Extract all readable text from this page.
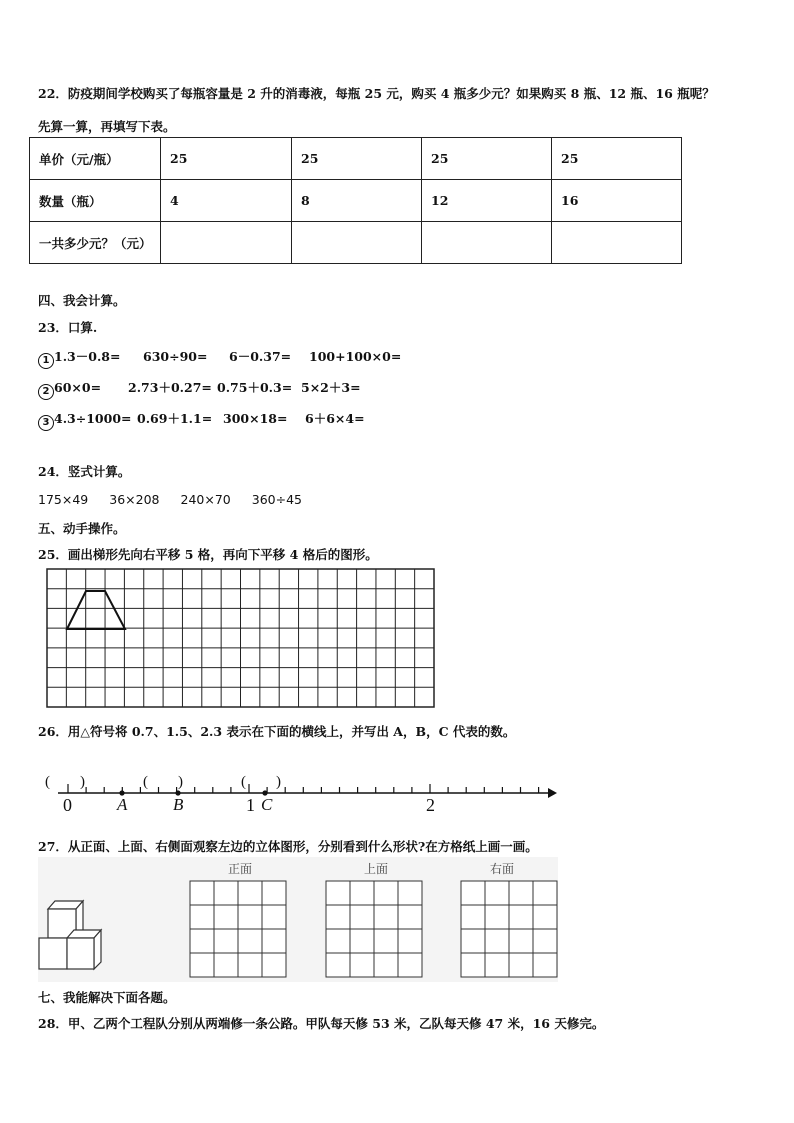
22．防疫期间学校购买了每瓶容量是 2 升的消毒液，每瓶 25 元，购买 4 瓶多少元？如果购买 8 瓶、12 瓶、16 瓶呢？
先算一算，再填写下表。
单价（元/瓶）	25	25	25	25
数量（瓶）	4	8	12	16
一共多少元？（元）				
四、我会计算。
23．口算.
1 1.3－0.8= 630÷90= 6－0.37= 100+100×0=
2 60×0= 2.73＋0.27= 0.75＋0.3= 5×2＋3=
3 4.3÷1000= 0.69＋1.1= 300×18= 6＋6×4=
24．竖式计算。
175×49 36×208 240×70 360÷45
五、动手操作。
25．画出梯形先向右平移 5 格，再向下平移 4 格后的图形。
26．用△符号将 0.7、1.5、2.3 表示在下面的横线上，并写出 A，B，C 代表的数。
(　　)	(　　)	(　　)
0	A	B	1 C	2
27．从正面、上面、右侧面观察左边的立体图形，分别看到什么形状?在方格纸上画一画。
正面	上面	右面
七、我能解决下面各题。
28．甲、乙两个工程队分别从两端修一条公路。甲队每天修 53 米，乙队每天修 47 米，16 天修完。
